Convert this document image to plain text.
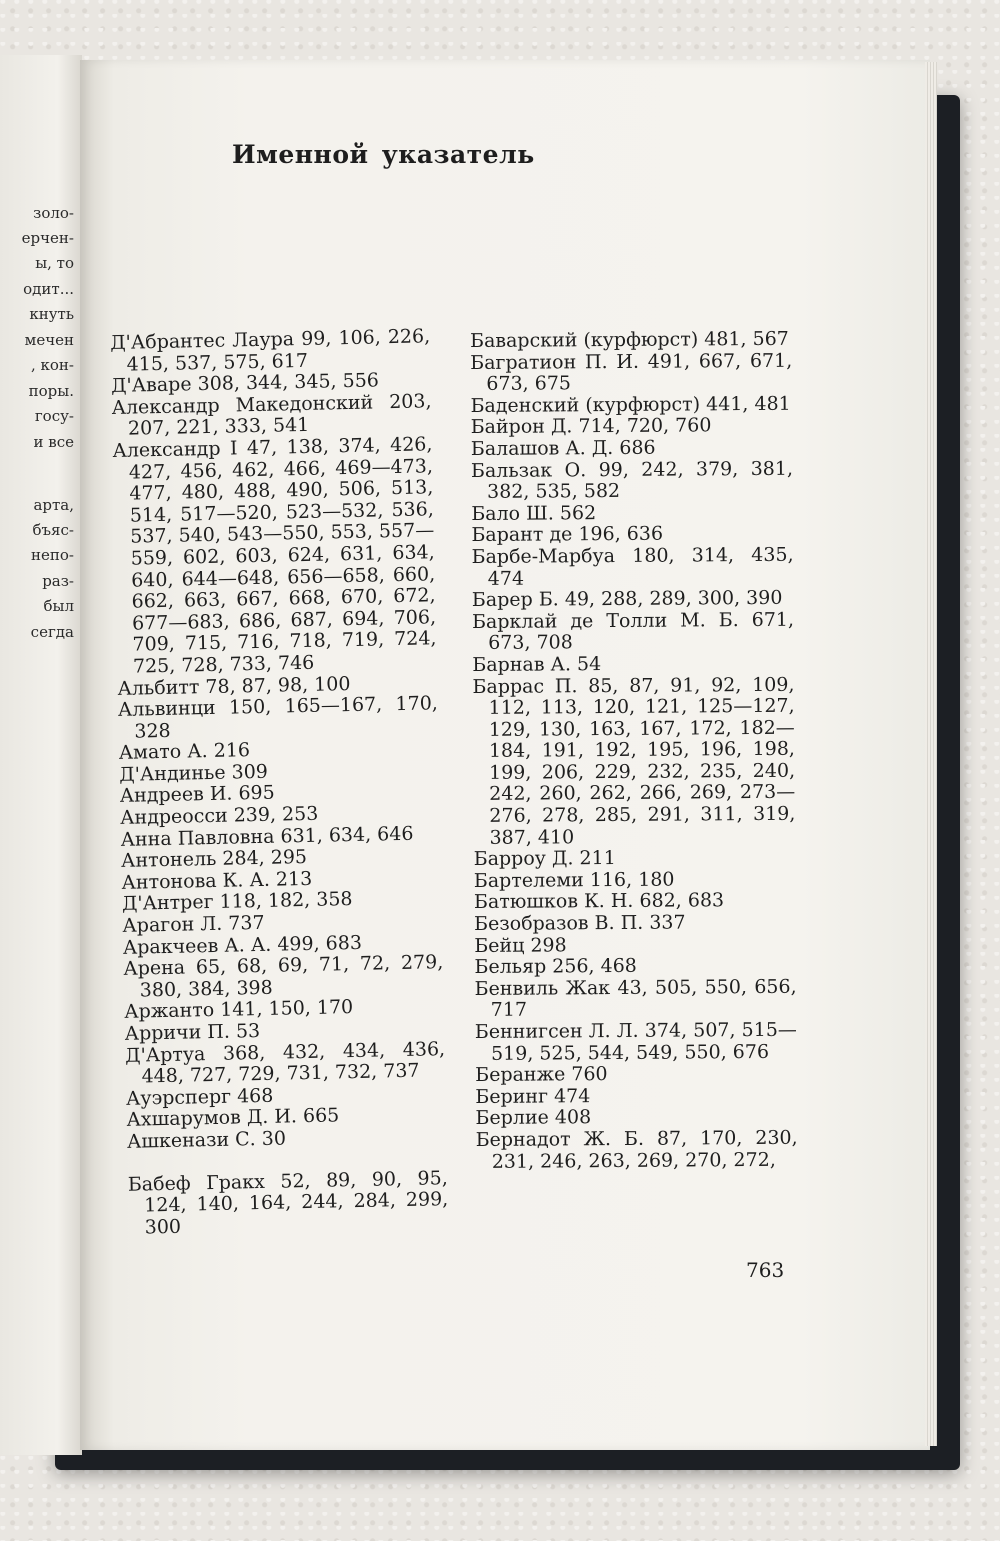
золо-
ерчен-
ы, то
одит...
кнуть
мечен
, кон-
поры.
госу-
и все
арта,
бъяс-
непо-
раз-
был
сегда
Именной указатель
Д'Абрантес Лаура 99, 106, 226, 415, 537, 575, 617
Д'Аваре 308, 344, 345, 556
Александр Македонский 203, 207, 221, 333, 541
Александр I 47, 138, 374, 426, 427, 456, 462, 466, 469—473, 477, 480, 488, 490, 506, 513, 514, 517—520, 523—532, 536, 537, 540, 543—550, 553, 557—559, 602, 603, 624, 631, 634, 640, 644—648, 656—658, 660, 662, 663, 667, 668, 670, 672, 677—683, 686, 687, 694, 706, 709, 715, 716, 718, 719, 724, 725, 728, 733, 746
Альбитт 78, 87, 98, 100
Альвинци 150, 165—167, 170, 328
Амато А. 216
Д'Андинье 309
Андреев И. 695
Андреосси 239, 253
Анна Павловна 631, 634, 646
Антонель 284, 295
Антонова К. А. 213
Д'Антрег 118, 182, 358
Арагон Л. 737
Аракчеев А. А. 499, 683
Арена 65, 68, 69, 71, 72, 279, 380, 384, 398
Аржанто 141, 150, 170
Арричи П. 53
Д'Артуа 368, 432, 434, 436, 448, 727, 729, 731, 732, 737
Ауэрсперг 468
Ахшарумов Д. И. 665
Ашкенази С. 30
Бабеф Гракх 52, 89, 90, 95, 124, 140, 164, 244, 284, 299, 300
Баварский (курфюрст) 481, 567
Багратион П. И. 491, 667, 671, 673, 675
Баденский (курфюрст) 441, 481
Байрон Д. 714, 720, 760
Балашов А. Д. 686
Бальзак О. 99, 242, 379, 381, 382, 535, 582
Бало Ш. 562
Барант де 196, 636
Барбе-Марбуа 180, 314, 435, 474
Барер Б. 49, 288, 289, 300, 390
Барклай де Толли М. Б. 671, 673, 708
Барнав А. 54
Баррас П. 85, 87, 91, 92, 109, 112, 113, 120, 121, 125—127, 129, 130, 163, 167, 172, 182—184, 191, 192, 195, 196, 198, 199, 206, 229, 232, 235, 240, 242, 260, 262, 266, 269, 273—276, 278, 285, 291, 311, 319, 387, 410
Барроу Д. 211
Бартелеми 116, 180
Батюшков К. Н. 682, 683
Безобразов В. П. 337
Бейц 298
Бельяр 256, 468
Бенвиль Жак 43, 505, 550, 656, 717
Беннигсен Л. Л. 374, 507, 515—519, 525, 544, 549, 550, 676
Беранже 760
Беринг 474
Берлие 408
Бернадот Ж. Б. 87, 170, 230, 231, 246, 263, 269, 270, 272,
763
